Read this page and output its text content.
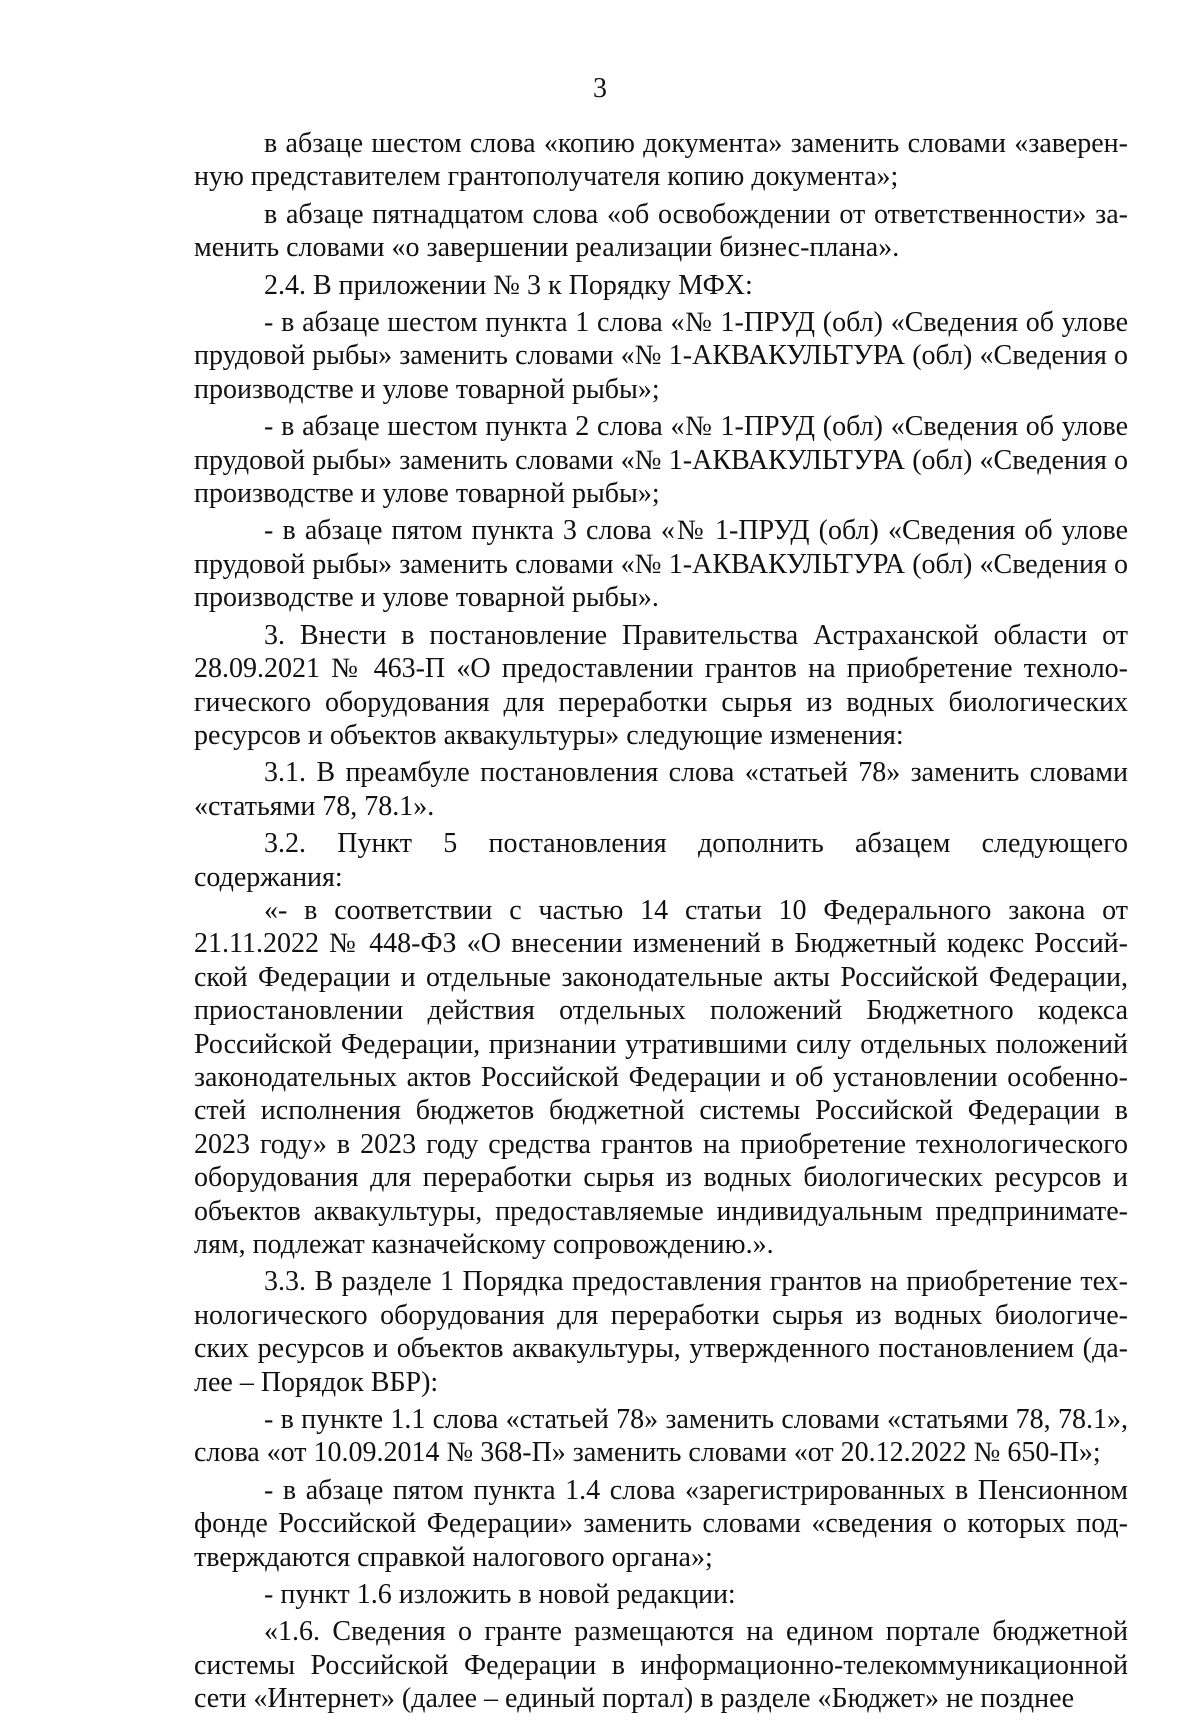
3

в абзаце шестом слова «копию документа» заменить словами «заверенную представителем грантополучателя копию документа»;

в абзаце пятнадцатом слова «об освобождении от ответственности» заменить словами «о завершении реализации бизнес-плана».

2.4. В приложении № 3 к Порядку МФХ:

- в абзаце шестом пункта 1 слова «№ 1-ПРУД (обл) «Сведения об улове прудовой рыбы» заменить словами «№ 1-АКВАКУЛЬТУРА (обл) «Сведения о производстве и улове товарной рыбы»;

- в абзаце шестом пункта 2 слова «№ 1-ПРУД (обл) «Сведения об улове прудовой рыбы» заменить словами «№ 1-АКВАКУЛЬТУРА (обл) «Сведения о производстве и улове товарной рыбы»;

- в абзаце пятом пункта 3 слова «№ 1-ПРУД (обл) «Сведения об улове прудовой рыбы» заменить словами «№ 1-АКВАКУЛЬТУРА (обл) «Сведения о производстве и улове товарной рыбы».

3. Внести в постановление Правительства Астраханской области от 28.09.2021 № 463-П «О предоставлении грантов на приобретение технологического оборудования для переработки сырья из водных биологических ресурсов и объектов аквакультуры» следующие изменения:

3.1. В преамбуле постановления слова «статьей 78» заменить словами «статьями 78, 78.1».

3.2. Пункт 5 постановления дополнить абзацем следующего содержания:

«- в соответствии с частью 14 статьи 10 Федерального закона от 21.11.2022 № 448-ФЗ «О внесении изменений в Бюджетный кодекс Российской Федерации и отдельные законодательные акты Российской Федерации, приостановлении действия отдельных положений Бюджетного кодекса Российской Федерации, признании утратившими силу отдельных положений законодательных актов Российской Федерации и об установлении особенностей исполнения бюджетов бюджетной системы Российской Федерации в 2023 году» в 2023 году средства грантов на приобретение технологического оборудования для переработки сырья из водных биологических ресурсов и объектов аквакультуры, предоставляемые индивидуальным предпринимателям, подлежат казначейскому сопровождению.».

3.3. В разделе 1 Порядка предоставления грантов на приобретение технологического оборудования для переработки сырья из водных биологических ресурсов и объектов аквакультуры, утвержденного постановлением (далее – Порядок ВБР):

- в пункте 1.1 слова «статьей 78» заменить словами «статьями 78, 78.1», слова «от 10.09.2014 № 368-П» заменить словами «от 20.12.2022 № 650-П»;

- в абзаце пятом пункта 1.4 слова «зарегистрированных в Пенсионном фонде Российской Федерации» заменить словами «сведения о которых подтверждаются справкой налогового органа»;

- пункт 1.6 изложить в новой редакции:

«1.6. Сведения о гранте размещаются на едином портале бюджетной системы Российской Федерации в информационно-телекоммуникационной сети «Интернет» (далее – единый портал) в разделе «Бюджет» не позднее
